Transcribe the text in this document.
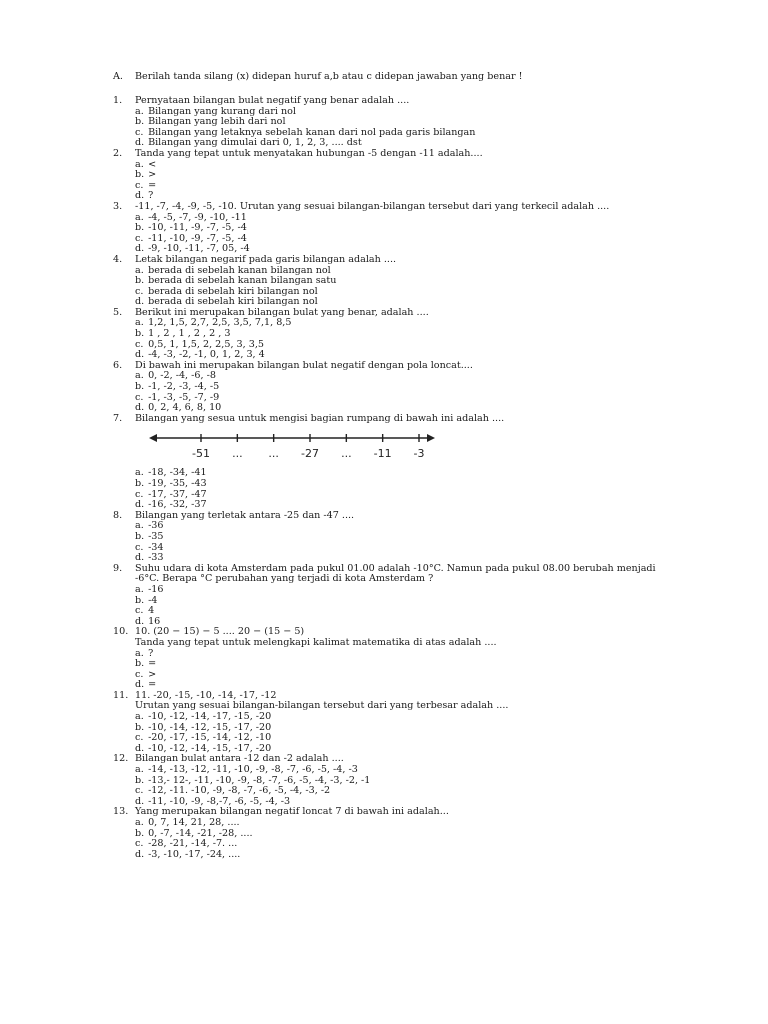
A. Berilah tanda silang (x) didepan huruf a,b atau c didepan jawaban yang benar !
1.	Pernyataan bilangan bulat negatif yang benar adalah ....
a. Bilangan yang kurang dari nol
b. Bilangan yang lebih dari nol
c. Bilangan yang letaknya sebelah kanan dari nol pada garis bilangan
d. Bilangan yang dimulai dari 0, 1, 2, 3, .... dst
2.	Tanda yang tepat untuk menyatakan hubungan -5 dengan -11 adalah....
a. <
b. >
c. =
d. ?
3.	-11, -7, -4, -9, -5, -10. Urutan yang sesuai bilangan-bilangan tersebut dari yang terkecil adalah ....
a. -4, -5, -7, -9, -10, -11
b. -10, -11, -9, -7, -5, -4
c. -11, -10, -9, -7, -5, -4
d. -9, -10, -11, -7, 05, -4
4.	Letak bilangan negarif pada garis bilangan adalah ....
a. berada di sebelah kanan bilangan nol
b. berada di sebelah kanan bilangan satu
c. berada di sebelah kiri bilangan nol
d. berada di sebelah kiri bilangan nol
5.	Berikut ini merupakan bilangan bulat yang benar, adalah ....
a. 1,2, 1,5, 2,7, 2,5, 3,5, 7,1, 8,5
b. 1 , 2 , 1 , 2 , 2 , 3
c. 0,5, 1, 1,5, 2, 2,5, 3, 3,5
d. -4, -3, -2, -1, 0, 1, 2, 3, 4
6.	Di bawah ini merupakan bilangan bulat negatif dengan pola loncat....
a. 0, -2, -4, -6, -8
b. -1, -2, -3, -4, -5
c. -1, -3, -5, -7, -9
d. 0, 2, 4, 6, 8, 10
7.	Bilangan yang sesua untuk mengisi bagian rumpang di bawah ini adalah ....
-51 ... ... -27 ... -11 -3
a. -18, -34, -41
b. -19, -35, -43
c. -17, -37, -47
d. -16, -32, -37
8.	Bilangan yang terletak antara -25 dan -47 ....
a. -36
b. -35
c. -34
d. -33
9.	Suhu udara di kota Amsterdam pada pukul 01.00 adalah -10°C. Namun pada pukul 08.00 berubah menjadi
-6°C. Berapa °C perubahan yang terjadi di kota Amsterdam ?
a. -16
b. -4
c. 4
d. 16
10. 10. (20 − 15) − 5 .... 20 − (15 − 5)
Tanda yang tepat untuk melengkapi kalimat matematika di atas adalah ....
a. ?
b. =
c. >
d. =
11. 11. -20, -15, -10, -14, -17, -12
Urutan yang sesuai bilangan-bilangan tersebut dari yang terbesar adalah ....
a. -10, -12, -14, -17, -15, -20
b. -10, -14, -12, -15, -17, -20
c. -20, -17, -15, -14, -12, -10
d. -10, -12, -14, -15, -17, -20
12. Bilangan bulat antara -12 dan -2 adalah ....
a. -14, -13, -12, -11, -10, -9, -8, -7, -6, -5, -4, -3
b. -13,- 12-, -11, -10, -9, -8, -7, -6, -5, -4, -3, -2, -1
c. -12, -11. -10, -9, -8, -7, -6, -5, -4, -3, -2
d. -11, -10, -9, -8,-7, -6, -5, -4, -3
13. Yang merupakan bilangan negatif loncat 7 di bawah ini adalah...
a. 0, 7, 14, 21, 28, ....
b. 0, -7, -14, -21, -28, ....
c. -28, -21, -14, -7. ...
d. -3, -10, -17, -24, ....
